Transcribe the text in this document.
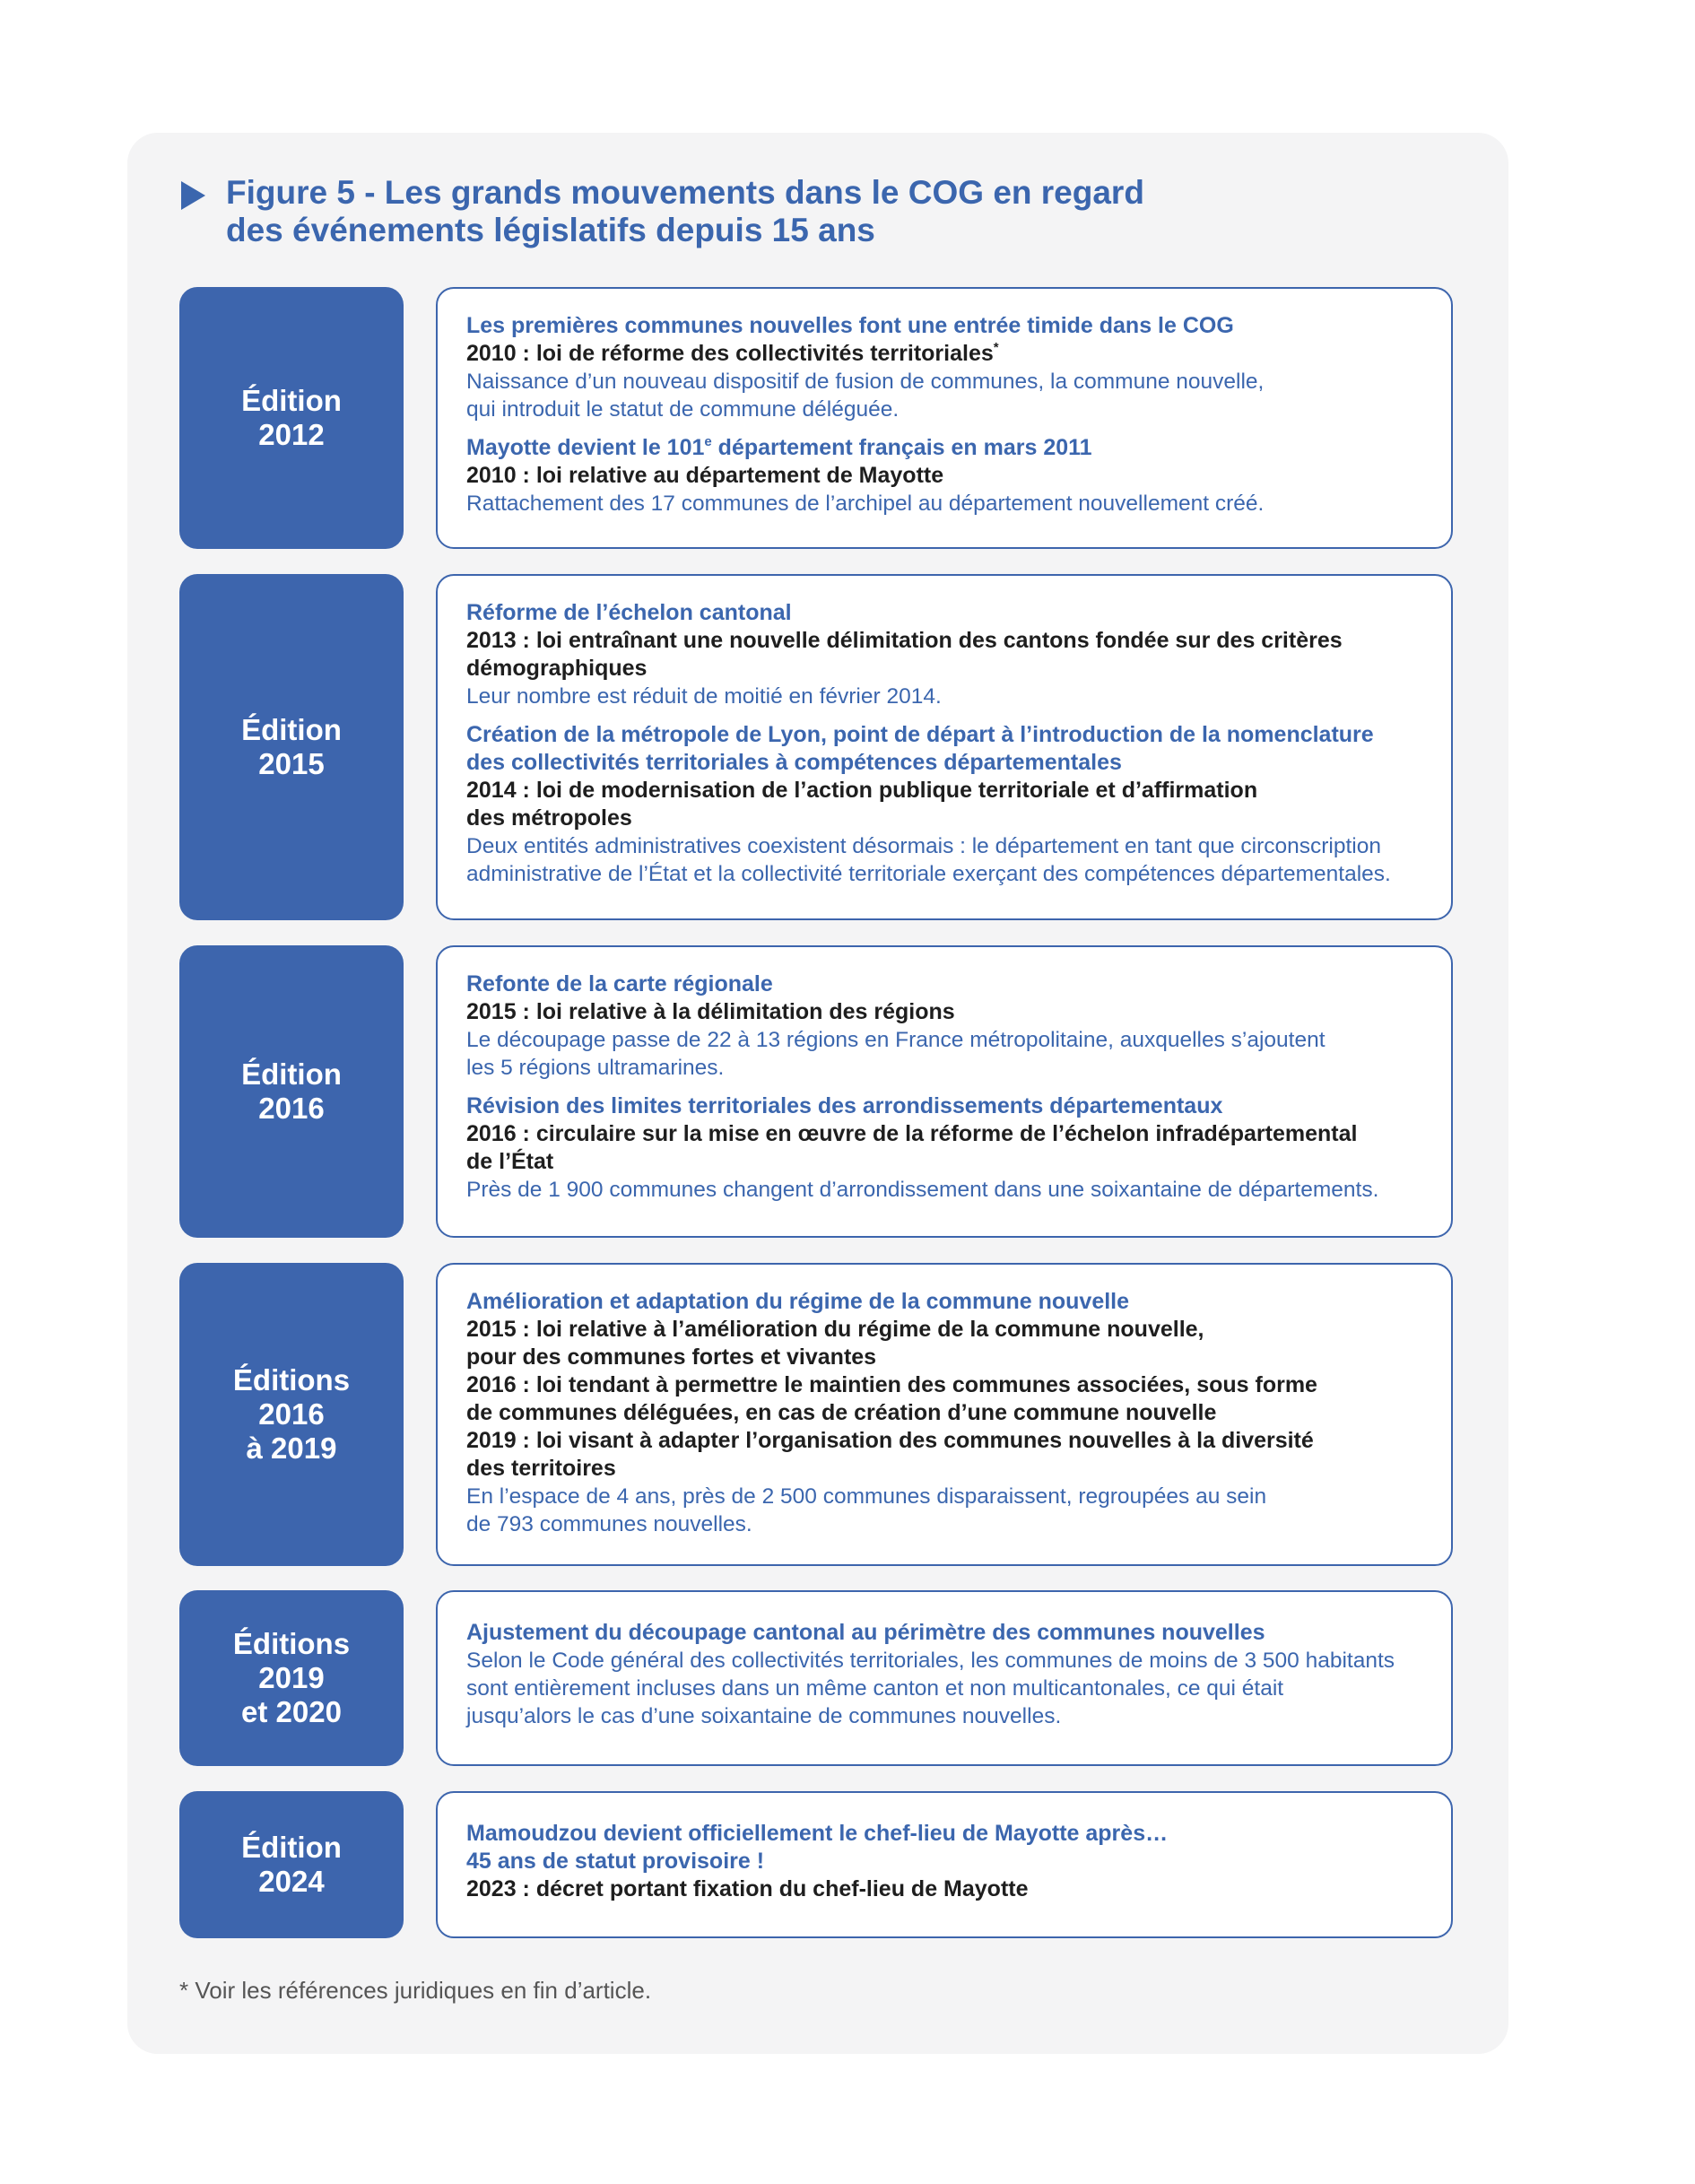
Figure 5 - Les grands mouvements dans le COG en regard
des événements législatifs depuis 15 ans
Édition
2012
Les premières communes nouvelles font une entrée timide dans le COG
2010 : loi de réforme des collectivités territoriales*
Naissance d’un nouveau dispositif de fusion de communes, la commune nouvelle,
qui introduit le statut de commune déléguée.
Mayotte devient le 101e département français en mars 2011
2010 : loi relative au département de Mayotte
Rattachement des 17 communes de l’archipel au département nouvellement créé.
Édition
2015
Réforme de l’échelon cantonal
2013 : loi entraînant une nouvelle délimitation des cantons fondée sur des critères
démographiques
Leur nombre est réduit de moitié en février 2014.
Création de la métropole de Lyon, point de départ à l’introduction de la nomenclature
des collectivités territoriales à compétences départementales
2014 : loi de modernisation de l’action publique territoriale et d’affirmation
des métropoles
Deux entités administratives coexistent désormais : le département en tant que circonscription
administrative de l’État et la collectivité territoriale exerçant des compétences départementales.
Édition
2016
Refonte de la carte régionale
2015 : loi relative à la délimitation des régions
Le découpage passe de 22 à 13 régions en France métropolitaine, auxquelles s’ajoutent
les 5 régions ultramarines.
Révision des limites territoriales des arrondissements départementaux
2016 : circulaire sur la mise en œuvre de la réforme de l’échelon infradépartemental
de l’État
Près de 1 900 communes changent d’arrondissement dans une soixantaine de départements.
Éditions
2016
à 2019
Amélioration et adaptation du régime de la commune nouvelle
2015 : loi relative à l’amélioration du régime de la commune nouvelle,
pour des communes fortes et vivantes
2016 : loi tendant à permettre le maintien des communes associées, sous forme
de communes déléguées, en cas de création d’une commune nouvelle
2019 : loi visant à adapter l’organisation des communes nouvelles à la diversité
des territoires
En l’espace de 4 ans, près de 2 500 communes disparaissent, regroupées au sein
de 793 communes nouvelles.
Éditions
2019
et 2020
Ajustement du découpage cantonal au périmètre des communes nouvelles
Selon le Code général des collectivités territoriales, les communes de moins de 3 500 habitants
sont entièrement incluses dans un même canton et non multicantonales, ce qui était
jusqu’alors le cas d’une soixantaine de communes nouvelles.
Édition
2024
Mamoudzou devient officiellement le chef-lieu de Mayotte après…
45 ans de statut provisoire !
2023 : décret portant fixation du chef-lieu de Mayotte
* Voir les références juridiques en fin d’article.
